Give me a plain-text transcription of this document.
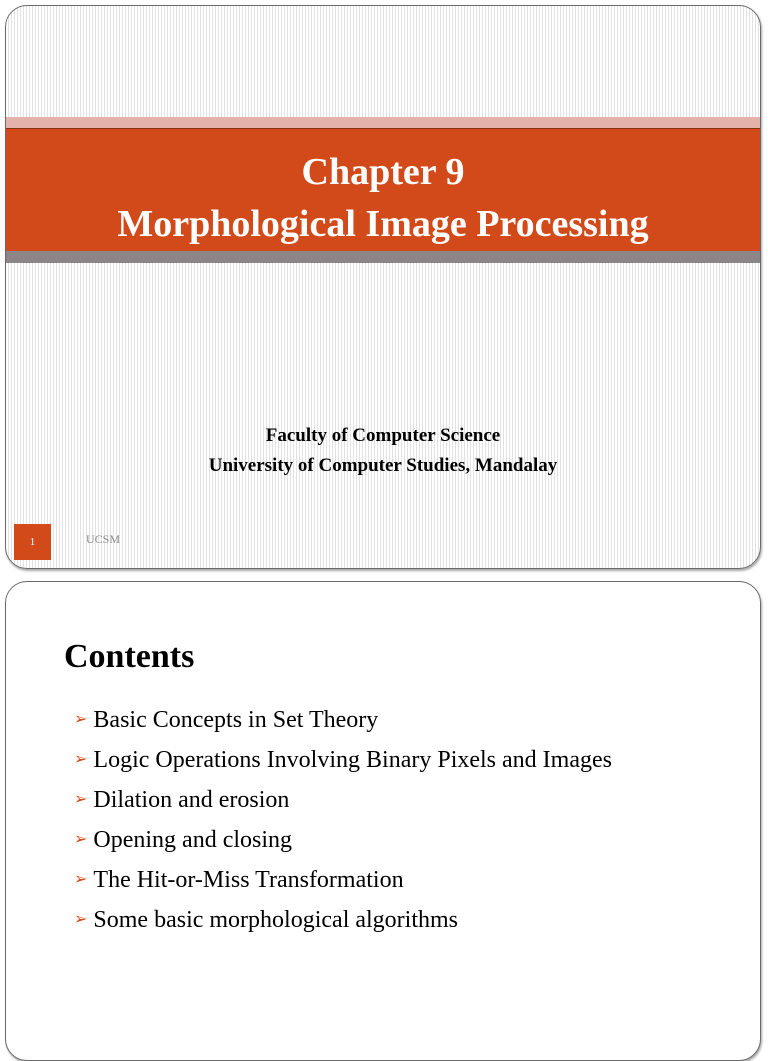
Chapter 9
Morphological Image Processing
Faculty of Computer Science
University of Computer Studies, Mandalay
1	UCSM
Contents
➢ Basic Concepts in Set Theory
➢ Logic Operations Involving Binary Pixels and Images
➢ Dilation and erosion
➢ Opening and closing
➢ The Hit-or-Miss Transformation
➢ Some basic morphological algorithms
